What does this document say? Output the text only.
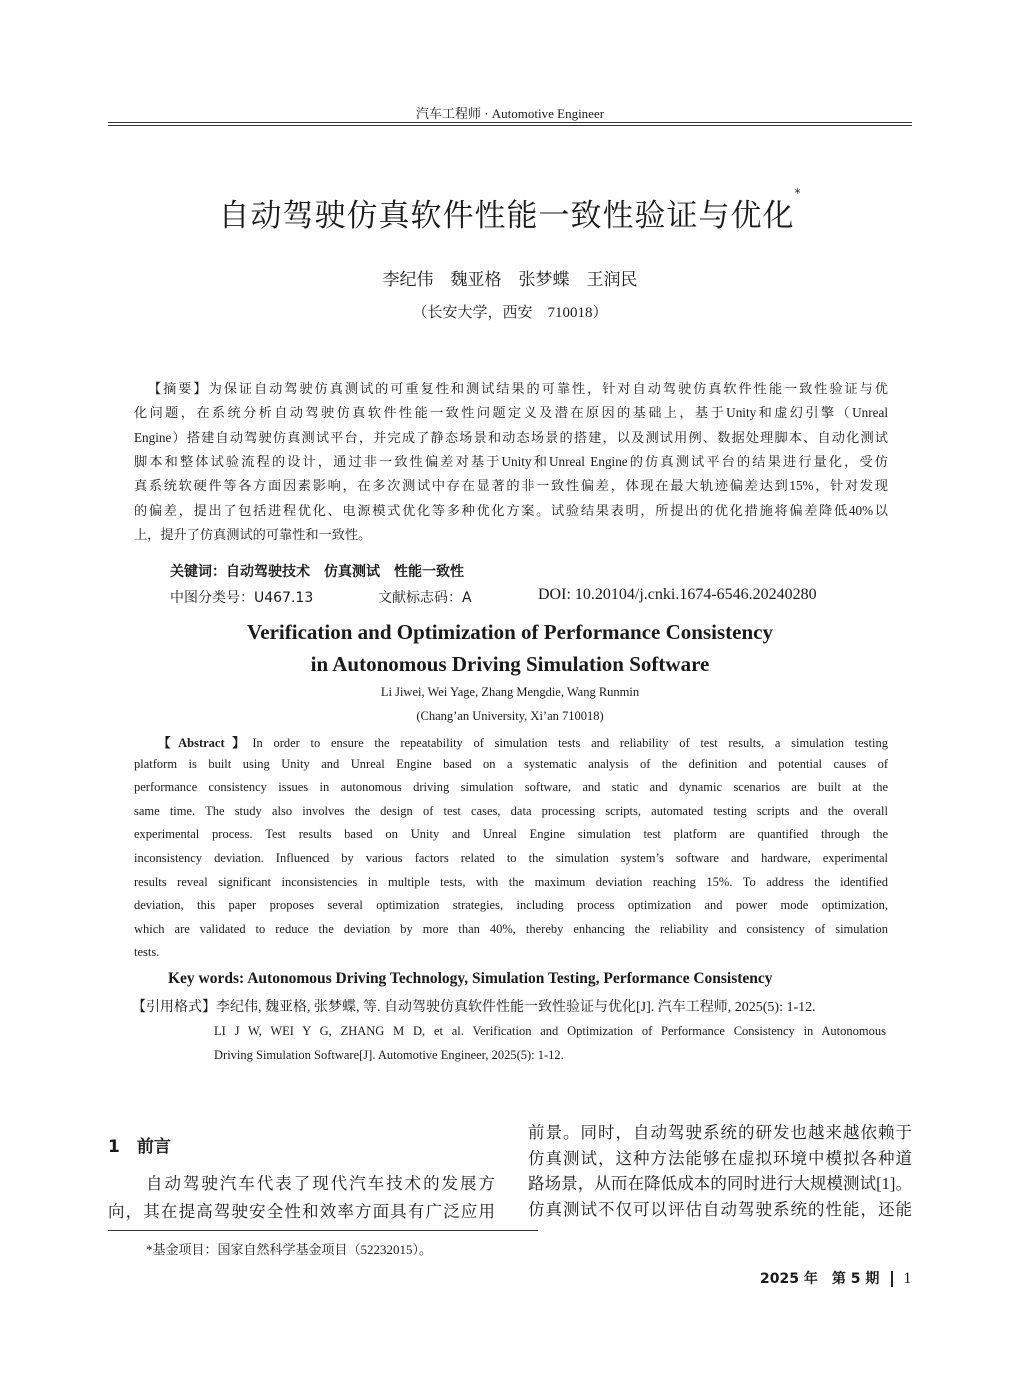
汽车工程师 · Automotive Engineer
自动驾驶仿真软件性能一致性验证与优化*
李纪伟　魏亚格　张梦蝶　王润民
（长安大学，西安　710018）
【摘要】为保证自动驾驶仿真测试的可重复性和测试结果的可靠性，针对自动驾驶仿真软件性能一致性验证与优
化问题，在系统分析自动驾驶仿真软件性能一致性问题定义及潜在原因的基础上，基于Unity和虚幻引擎（Unreal
Engine）搭建自动驾驶仿真测试平台，并完成了静态场景和动态场景的搭建，以及测试用例、数据处理脚本、自动化测试
脚本和整体试验流程的设计，通过非一致性偏差对基于Unity和Unreal Engine的仿真测试平台的结果进行量化，受仿
真系统软硬件等各方面因素影响，在多次测试中存在显著的非一致性偏差，体现在最大轨迹偏差达到15%，针对发现
的偏差，提出了包括进程优化、电源模式优化等多种优化方案。试验结果表明，所提出的优化措施将偏差降低40%以
上，提升了仿真测试的可靠性和一致性。
关键词：自动驾驶技术　仿真测试　性能一致性
中图分类号：U467.13	文献标志码：A	DOI: 10.20104/j.cnki.1674-6546.20240280
Verification and Optimization of Performance Consistency
in Autonomous Driving Simulation Software
Li Jiwei, Wei Yage, Zhang Mengdie, Wang Runmin
(Chang’an University, Xi’an 710018)
【Abstract】In order to ensure the repeatability of simulation tests and reliability of test results, a simulation testing
platform is built using Unity and Unreal Engine based on a systematic analysis of the definition and potential causes of
performance consistency issues in autonomous driving simulation software, and static and dynamic scenarios are built at the
same time. The study also involves the design of test cases, data processing scripts, automated testing scripts and the overall
experimental process. Test results based on Unity and Unreal Engine simulation test platform are quantified through the
inconsistency deviation. Influenced by various factors related to the simulation system’s software and hardware, experimental
results reveal significant inconsistencies in multiple tests, with the maximum deviation reaching 15%. To address the identified
deviation, this paper proposes several optimization strategies, including process optimization and power mode optimization,
which are validated to reduce the deviation by more than 40%, thereby enhancing the reliability and consistency of simulation
tests.
Key words: Autonomous Driving Technology, Simulation Testing, Performance Consistency
【引用格式】李纪伟, 魏亚格, 张梦蝶, 等. 自动驾驶仿真软件性能一致性验证与优化[J]. 汽车工程师, 2025(5): 1-12.
LI J W, WEI Y G, ZHANG M D, et al. Verification and Optimization of Performance Consistency in Autonomous
Driving Simulation Software[J]. Automotive Engineer, 2025(5): 1-12.
1　前言
自动驾驶汽车代表了现代汽车技术的发展方
向，其在提高驾驶安全性和效率方面具有广泛应用
前景。同时，自动驾驶系统的研发也越来越依赖于
仿真测试，这种方法能够在虚拟环境中模拟各种道
路场景，从而在降低成本的同时进行大规模测试[1]。
仿真测试不仅可以评估自动驾驶系统的性能，还能
*基金项目：国家自然科学基金项目（52232015）。
2025 年　 第 5 期 1
